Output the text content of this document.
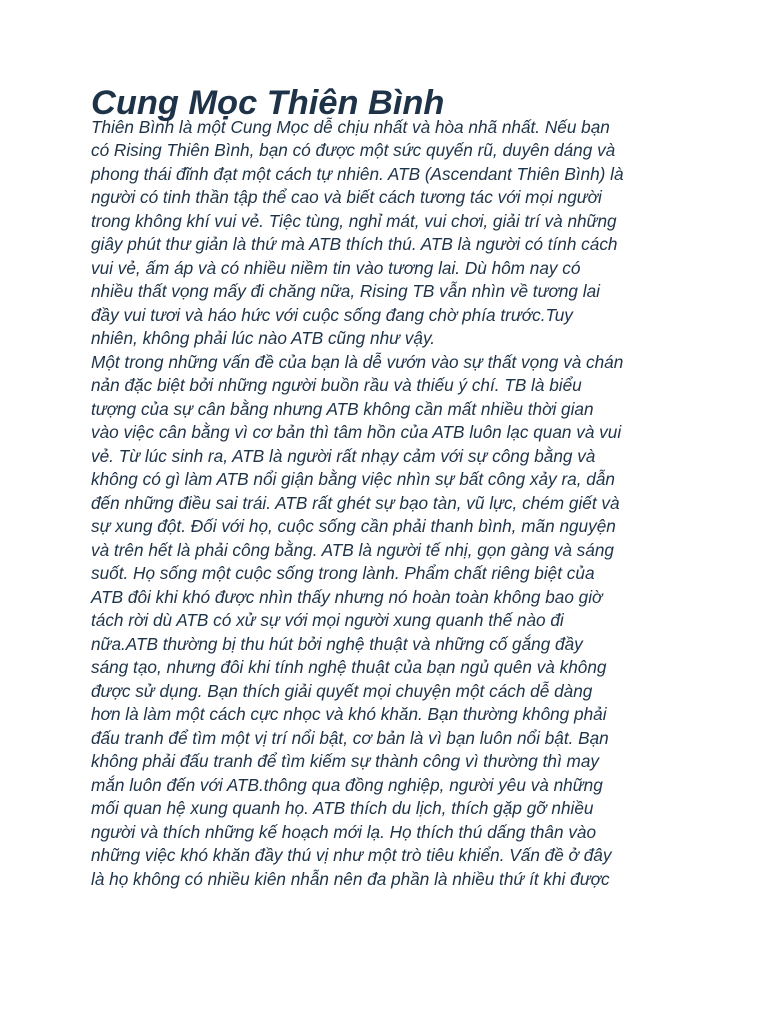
Cung Mọc Thiên Bình

Thiên Bình là một Cung Mọc dễ chịu nhất và hòa nhã nhất. Nếu bạn
có Rising Thiên Bình, bạn có được một sức quyến rũ, duyên dáng và
phong thái đĩnh đạt một cách tự nhiên. ATB (Ascendant Thiên Bình) là
người có tinh thần tập thể cao và biết cách tương tác với mọi người
trong không khí vui vẻ. Tiệc tùng, nghỉ mát, vui chơi, giải trí và những
giây phút thư giản là thứ mà ATB thích thú. ATB là người có tính cách
vui vẻ, ấm áp và có nhiều niềm tin vào tương lai. Dù hôm nay có
nhiều thất vọng mấy đi chăng nữa, Rising TB vẫn nhìn về tương lai
đầy vui tươi và háo hức với cuộc sống đang chờ phía trước.Tuy
nhiên, không phải lúc nào ATB cũng như vậy.

Một trong những vấn đề của bạn là dễ vướn vào sự thất vọng và chán
nản đặc biệt bởi những người buồn rầu và thiếu ý chí. TB là biểu
tượng của sự cân bằng nhưng ATB không cần mất nhiều thời gian
vào việc cân bằng vì cơ bản thì tâm hồn của ATB luôn lạc quan và vui
vẻ. Từ lúc sinh ra, ATB là người rất nhạy cảm với sự công bằng và
không có gì làm ATB nổi giận bằng việc nhìn sự bất công xảy ra, dẫn
đến những điều sai trái. ATB rất ghét sự bạo tàn, vũ lực, chém giết và
sự xung đột. Đối với họ, cuộc sống cần phải thanh bình, mãn nguyện
và trên hết là phải công bằng. ATB là người tế nhị, gọn gàng và sáng
suốt. Họ sống một cuộc sống trong lành. Phẩm chất riêng biệt của
ATB đôi khi khó được nhìn thấy nhưng nó hoàn toàn không bao giờ
tách rời dù ATB có xử sự với mọi người xung quanh thế nào đi
nữa.ATB thường bị thu hút bởi nghệ thuật và những cố gắng đầy
sáng tạo, nhưng đôi khi tính nghệ thuật của bạn ngủ quên và không
được sử dụng. Bạn thích giải quyết mọi chuyện một cách dễ dàng
hơn là làm một cách cực nhọc và khó khăn. Bạn thường không phải
đấu tranh để tìm một vị trí nổi bật, cơ bản là vì bạn luôn nổi bật. Bạn
không phải đấu tranh để tìm kiếm sự thành công vì thường thì may
mắn luôn đến với ATB.thông qua đồng nghiệp, người yêu và những
mối quan hệ xung quanh họ. ATB thích du lịch, thích gặp gỡ nhiều
người và thích những kế hoạch mới lạ. Họ thích thú dấng thân vào
những việc khó khăn đầy thú vị như một trò tiêu khiển. Vấn đề ở đây
là họ không có nhiều kiên nhẫn nên đa phần là nhiều thứ ít khi được
